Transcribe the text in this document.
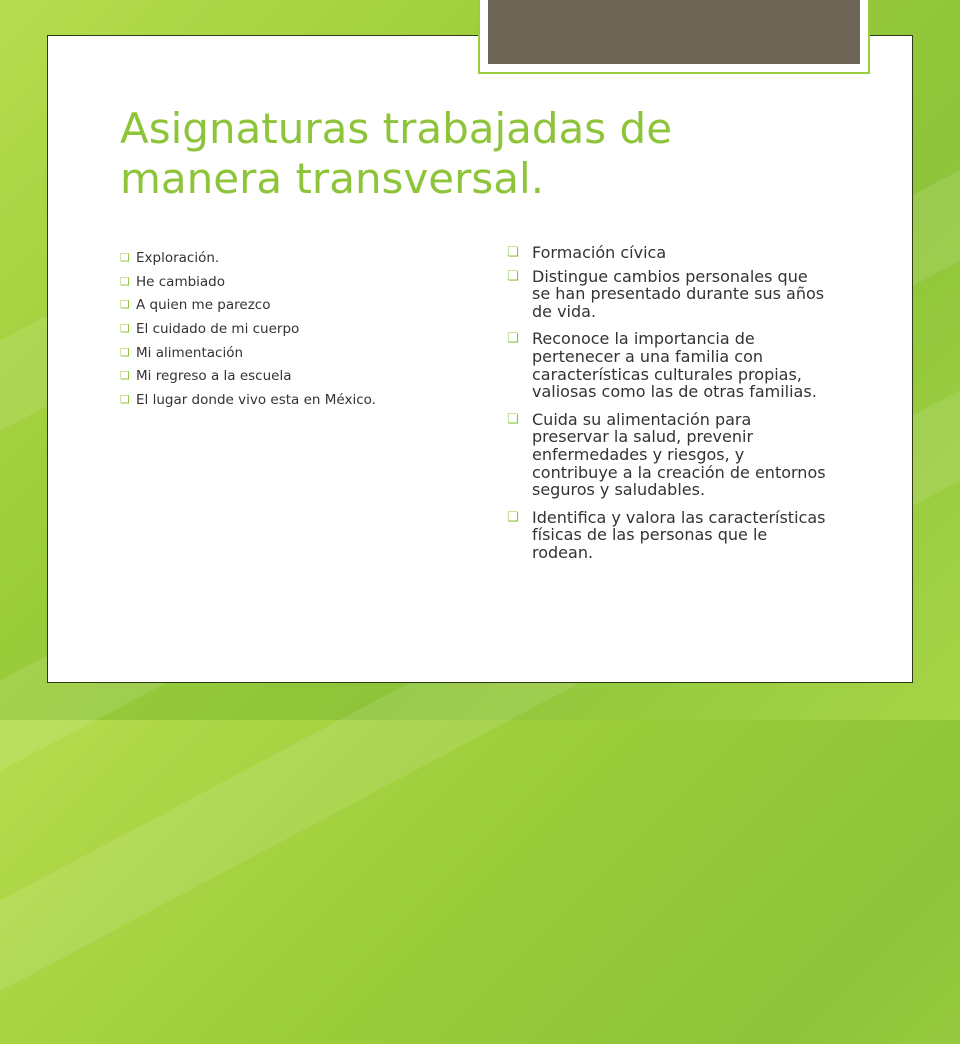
Asignaturas trabajadas de
manera transversal.
❏ Exploración.
❏ He cambiado
❏ A quien me parezco
❏ El cuidado de mi cuerpo
❏ Mi alimentación
❏ Mi regreso a la escuela
❏ El lugar donde vivo esta en México.
❏ Formación cívica
❏ Distingue cambios personales que se han presentado durante sus años de vida.
❏ Reconoce la importancia de pertenecer a una familia con características culturales propias, valiosas como las de otras familias.
❏ Cuida su alimentación para preservar la salud, prevenir enfermedades y riesgos, y contribuye a la creación de entornos seguros y saludables.
❏ Identifica y valora las características físicas de las personas que le rodean.
